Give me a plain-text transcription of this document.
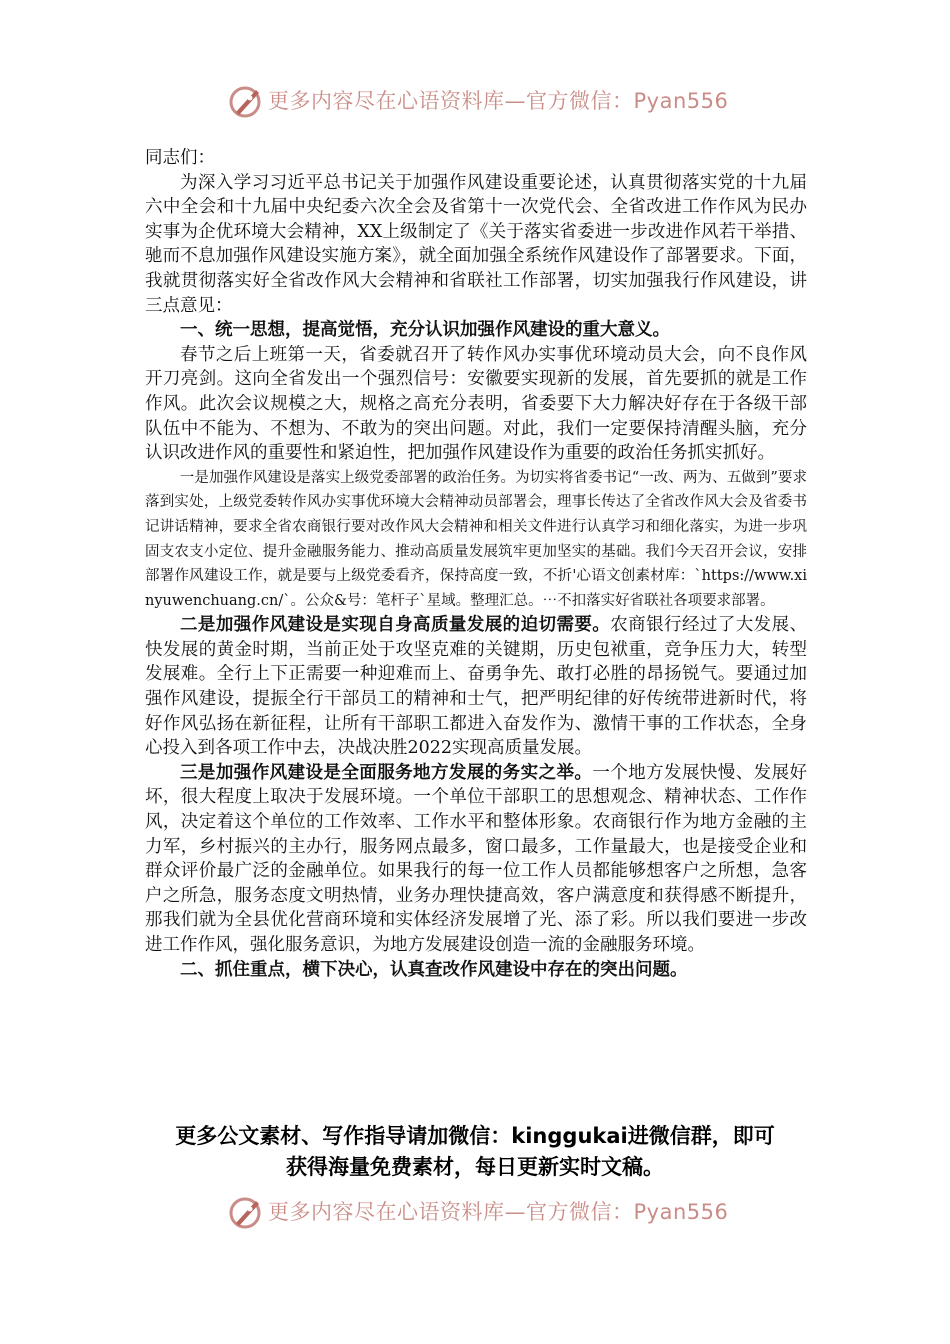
更多内容尽在心语资料库—官方微信：Pyan556

同志们：

为深入学习习近平总书记关于加强作风建设重要论述，认真贯彻落实党的十九届六中全会和十九届中央纪委六次全会及省第十一次党代会、全省改进工作作风为民办实事为企优环境大会精神，XX上级制定了《关于落实省委进一步改进作风若干举措、驰而不息加强作风建设实施方案》，就全面加强全系统作风建设作了部署要求。下面，我就贯彻落实好全省改作风大会精神和省联社工作部署，切实加强我行作风建设，讲三点意见：

一、统一思想，提高觉悟，充分认识加强作风建设的重大意义。

春节之后上班第一天，省委就召开了转作风办实事优环境动员大会，向不良作风开刀亮剑。这向全省发出一个强烈信号：安徽要实现新的发展，首先要抓的就是工作作风。此次会议规模之大，规格之高充分表明，省委要下大力解决好存在于各级干部队伍中不能为、不想为、不敢为的突出问题。对此，我们一定要保持清醒头脑，充分认识改进作风的重要性和紧迫性，把加强作风建设作为重要的政治任务抓实抓好。

一是加强作风建设是落实上级党委部署的政治任务。为切实将省委书记“一改、两为、五做到”要求落到实处，上级党委转作风办实事优环境大会精神动员部署会，理事长传达了全省改作风大会及省委书记讲话精神，要求全省农商银行要对改作风大会精神和相关文件进行认真学习和细化落实，为进一步巩固支农支小定位、提升金融服务能力、推动高质量发展筑牢更加坚实的基础。我们今天召开会议，安排部署作风建设工作，就是要与上级党委看齐，保持高度一致，不折'心语文创素材库：`https://www.xinyuwenchuang.cn/`。公众&号：笔杆子`星域。整理汇总。⋯不扣落实好省联社各项要求部署。

二是加强作风建设是实现自身高质量发展的迫切需要。农商银行经过了大发展、快发展的黄金时期，当前正处于攻坚克难的关键期，历史包袱重，竞争压力大，转型发展难。全行上下正需要一种迎难而上、奋勇争先、敢打必胜的昂扬锐气。要通过加强作风建设，提振全行干部员工的精神和士气，把严明纪律的好传统带进新时代，将好作风弘扬在新征程，让所有干部职工都进入奋发作为、激情干事的工作状态，全身心投入到各项工作中去，决战决胜2022实现高质量发展。

三是加强作风建设是全面服务地方发展的务实之举。一个地方发展快慢、发展好坏，很大程度上取决于发展环境。一个单位干部职工的思想观念、精神状态、工作作风，决定着这个单位的工作效率、工作水平和整体形象。农商银行作为地方金融的主力军，乡村振兴的主办行，服务网点最多，窗口最多，工作量最大，也是接受企业和群众评价最广泛的金融单位。如果我行的每一位工作人员都能够想客户之所想，急客户之所急，服务态度文明热情，业务办理快捷高效，客户满意度和获得感不断提升，那我们就为全县优化营商环境和实体经济发展增了光、添了彩。所以我们要进一步改进工作作风，强化服务意识，为地方发展建设创造一流的金融服务环境。

二、抓住重点，横下决心，认真查改作风建设中存在的突出问题。

更多公文素材、写作指导请加微信：kinggukai进微信群，即可
获得海量免费素材，每日更新实时文稿。
更多内容尽在心语资料库—官方微信：Pyan556
